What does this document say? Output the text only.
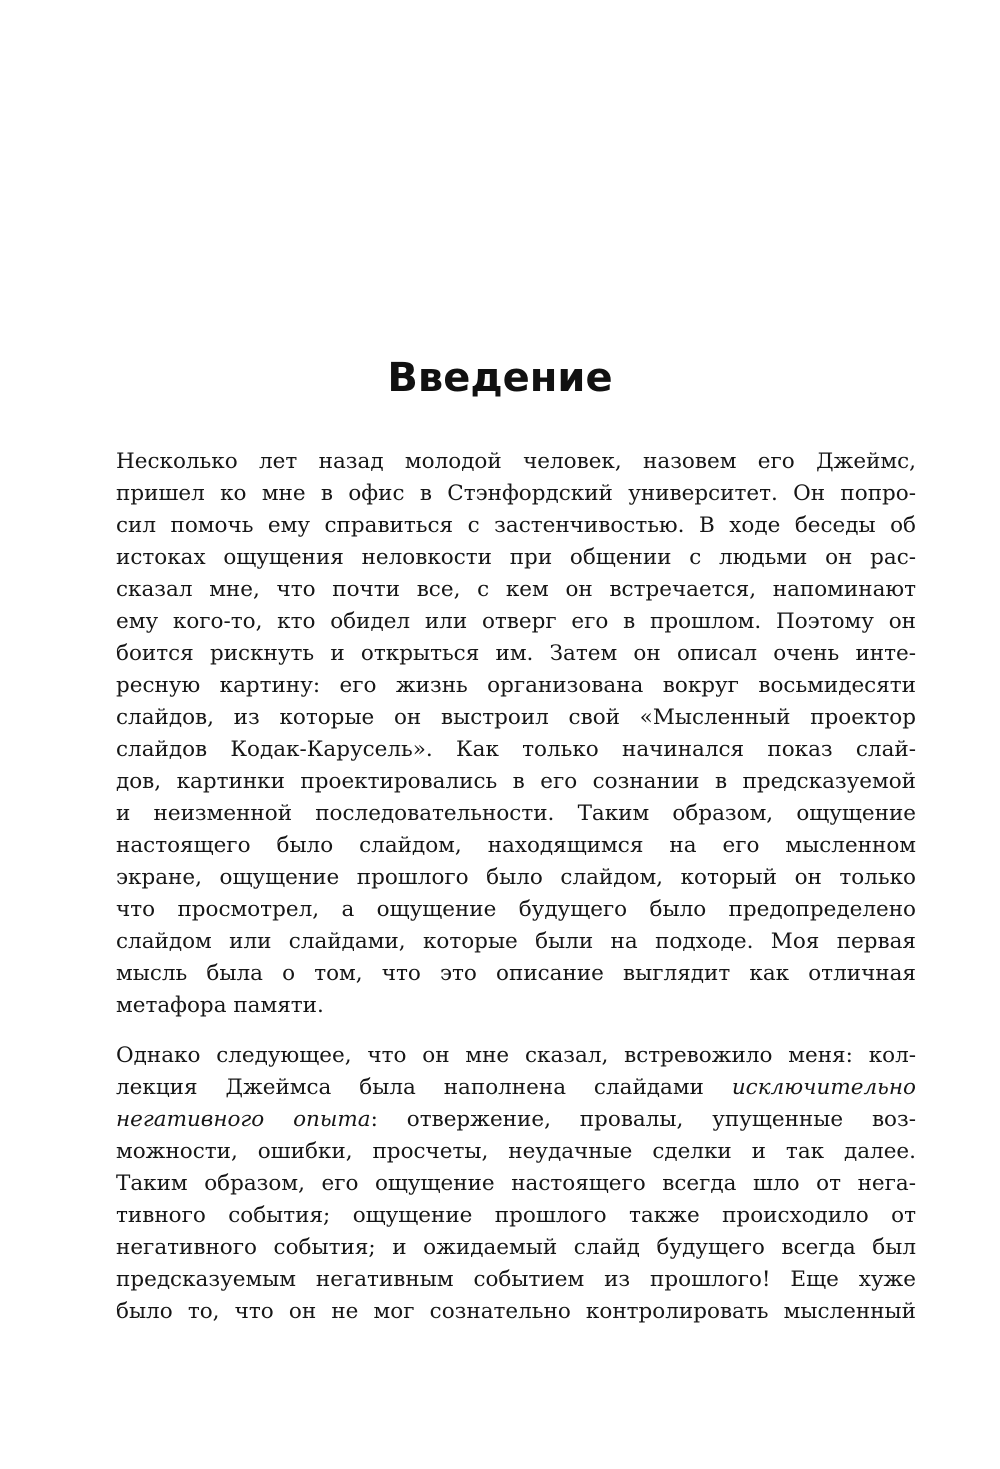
Введение
Несколько лет назад молодой человек, назовем его Джеймс,
пришел ко мне в офис в Стэнфордский университет. Он попро-
сил помочь ему справиться с застенчивостью. В ходе беседы об
истоках ощущения неловкости при общении с людьми он рас-
сказал мне, что почти все, с кем он встречается, напоминают
ему кого-то, кто обидел или отверг его в прошлом. Поэтому он
боится рискнуть и открыться им. Затем он описал очень инте-
ресную картину: его жизнь организована вокруг восьмидесяти
слайдов, из которые он выстроил свой «Мысленный проектор
слайдов Кодак-Карусель». Как только начинался показ слай-
дов, картинки проектировались в его сознании в предсказуемой
и неизменной последовательности. Таким образом, ощущение
настоящего было слайдом, находящимся на его мысленном
экране, ощущение прошлого было слайдом, который он только
что просмотрел, а ощущение будущего было предопределено
слайдом или слайдами, которые были на подходе. Моя первая
мысль была о том, что это описание выглядит как отличная
метафора памяти.
Однако следующее, что он мне сказал, встревожило меня: кол-
лекция Джеймса была наполнена слайдами исключительно
негативного опыта: отвержение, провалы, упущенные воз-
можности, ошибки, просчеты, неудачные сделки и так далее.
Таким образом, его ощущение настоящего всегда шло от нега-
тивного события; ощущение прошлого также происходило от
негативного события; и ожидаемый слайд будущего всегда был
предсказуемым негативным событием из прошлого! Еще хуже
было то, что он не мог сознательно контролировать мысленный
